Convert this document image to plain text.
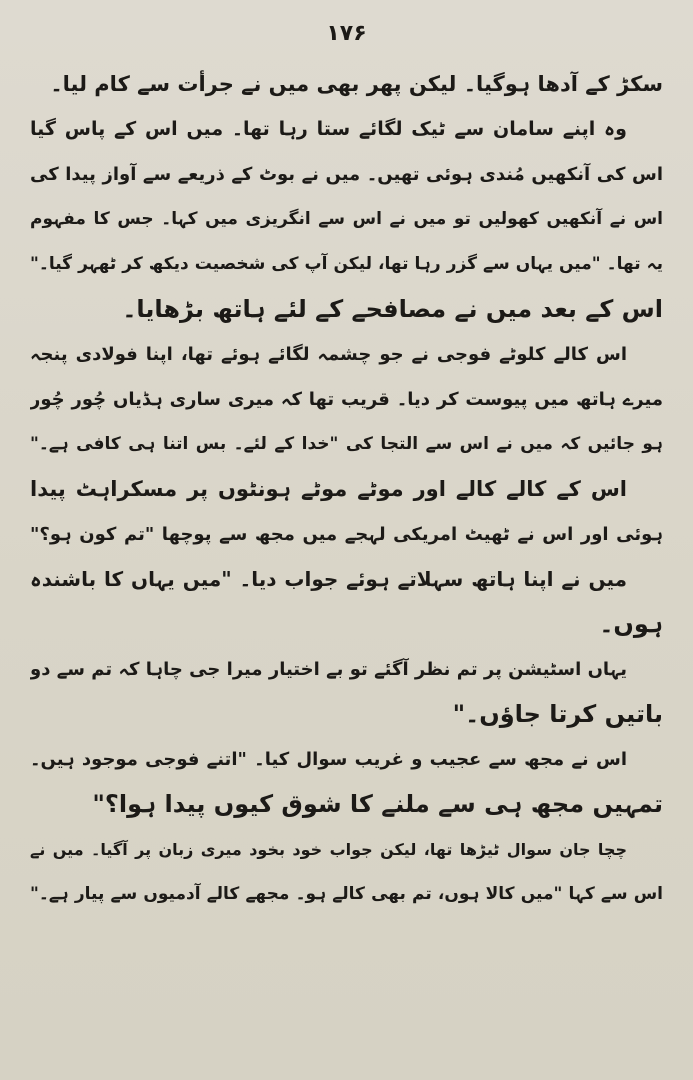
۱۷۶
سکڑ کے آدھا ہوگیا۔ لیکن پھر بھی میں نے جرأت سے کام لیا۔
وہ اپنے سامان سے ٹیک لگائے ستا رہا تھا۔ میں اس کے پاس گیا
اس کی آنکھیں مُندی ہوئی تھیں۔ میں نے بوٹ کے ذریعے سے آواز پیدا کی
اس نے آنکھیں کھولیں تو میں نے اس سے انگریزی میں کہا۔ جس کا مفہوم
یہ تھا۔ "میں یہاں سے گزر رہا تھا، لیکن آپ کی شخصیت دیکھ کر ٹھہر گیا۔"
اس کے بعد میں نے مصافحے کے لئے ہاتھ بڑھایا۔
اس کالے کلوٹے فوجی نے جو چشمہ لگائے ہوئے تھا، اپنا فولادی پنجہ
میرے ہاتھ میں پیوست کر دیا۔ قریب تھا کہ میری ساری ہڈیاں چُور چُور
ہو جائیں کہ میں نے اس سے التجا کی "خدا کے لئے۔ بس اتنا ہی کافی ہے۔"
اس کے کالے کالے اور موٹے موٹے ہونٹوں پر مسکراہٹ پیدا
ہوئی اور اس نے ٹھیٹ امریکی لہجے میں مجھ سے پوچھا "تم کون ہو؟"
میں نے اپنا ہاتھ سہلاتے ہوئے جواب دیا۔ "میں یہاں کا باشندہ
ہوں۔
یہاں اسٹیشن پر تم نظر آگئے تو بے اختیار میرا جی چاہا کہ تم سے دو
باتیں کرتا جاؤں۔"
اس نے مجھ سے عجیب و غریب سوال کیا۔ "اتنے فوجی موجود ہیں۔
تمہیں مجھ ہی سے ملنے کا شوق کیوں پیدا ہوا؟"
چچا جان سوال ٹیڑھا تھا، لیکن جواب خود بخود میری زبان پر آگیا۔ میں نے
اس سے کہا "میں کالا ہوں، تم بھی کالے ہو۔ مجھے کالے آدمیوں سے پیار ہے۔"
